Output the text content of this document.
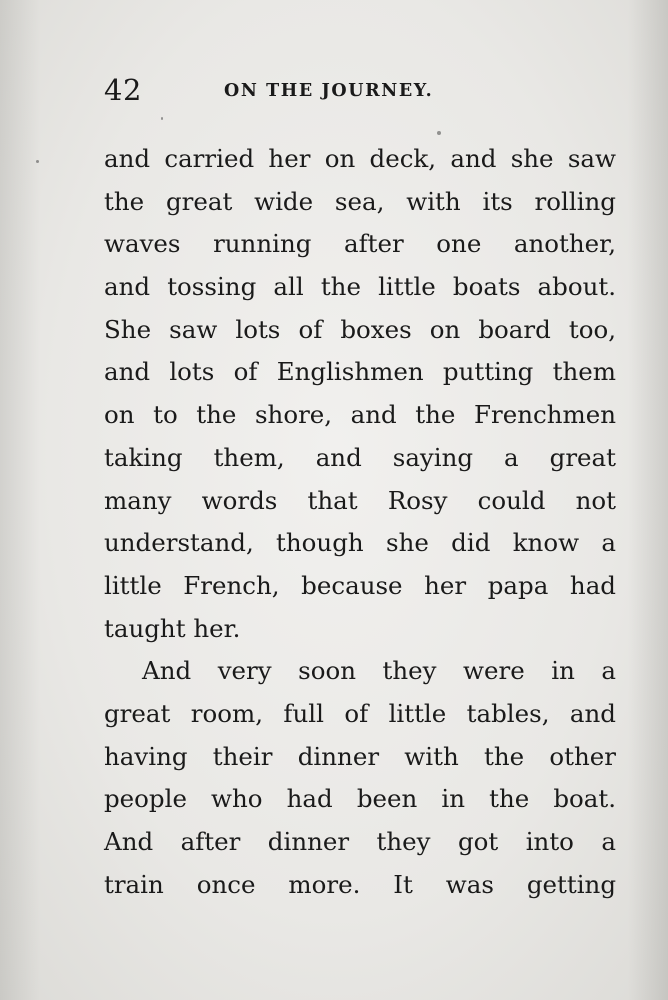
42	ON THE JOURNEY.
and carried her on deck, and she saw
the great wide sea, with its rolling
waves running after one another,
and tossing all the little boats about.
She saw lots of boxes on board too,
and lots of Englishmen putting them
on to the shore, and the Frenchmen
taking them, and saying a great
many words that Rosy could not
understand, though she did know a
little French, because her papa had
taught her.
And very soon they were in a
great room, full of little tables, and
having their dinner with the other
people who had been in the boat.
And after dinner they got into a
train once more. It was getting
